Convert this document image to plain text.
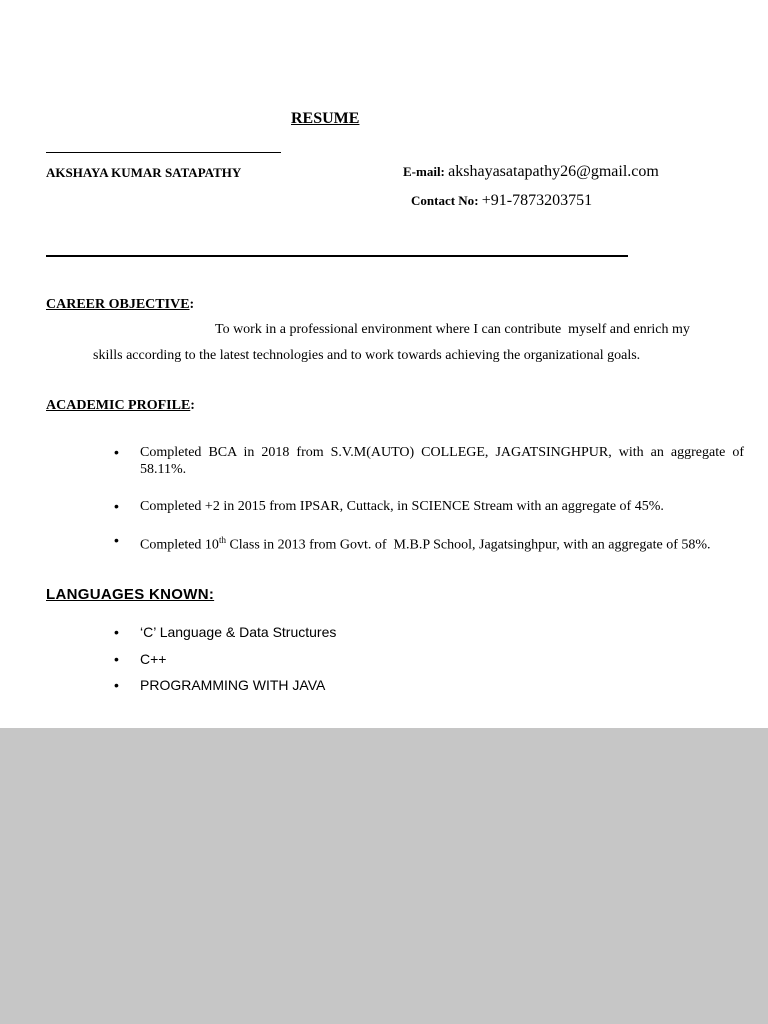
RESUME
AKSHAYA KUMAR SATAPATHY	E-mail: akshayasatapathy26@gmail.com
Contact No: +91-7873203751
CAREER OBJECTIVE:
To work in a professional environment where I can contribute  myself and enrich my
skills according to the latest technologies and to work towards achieving the organizational goals.
ACADEMIC PROFILE:
• Completed BCA in 2018 from S.V.M(AUTO) COLLEGE, JAGATSINGHPUR, with an aggregate of 58.11%.
• Completed +2 in 2015 from IPSAR, Cuttack, in SCIENCE Stream with an aggregate of 45%.
• Completed 10th Class in 2013 from Govt. of  M.B.P School, Jagatsinghpur, with an aggregate of 58%.
LANGUAGES KNOWN:
• ‘C’ Language & Data Structures
• C++
• PROGRAMMING WITH JAVA
